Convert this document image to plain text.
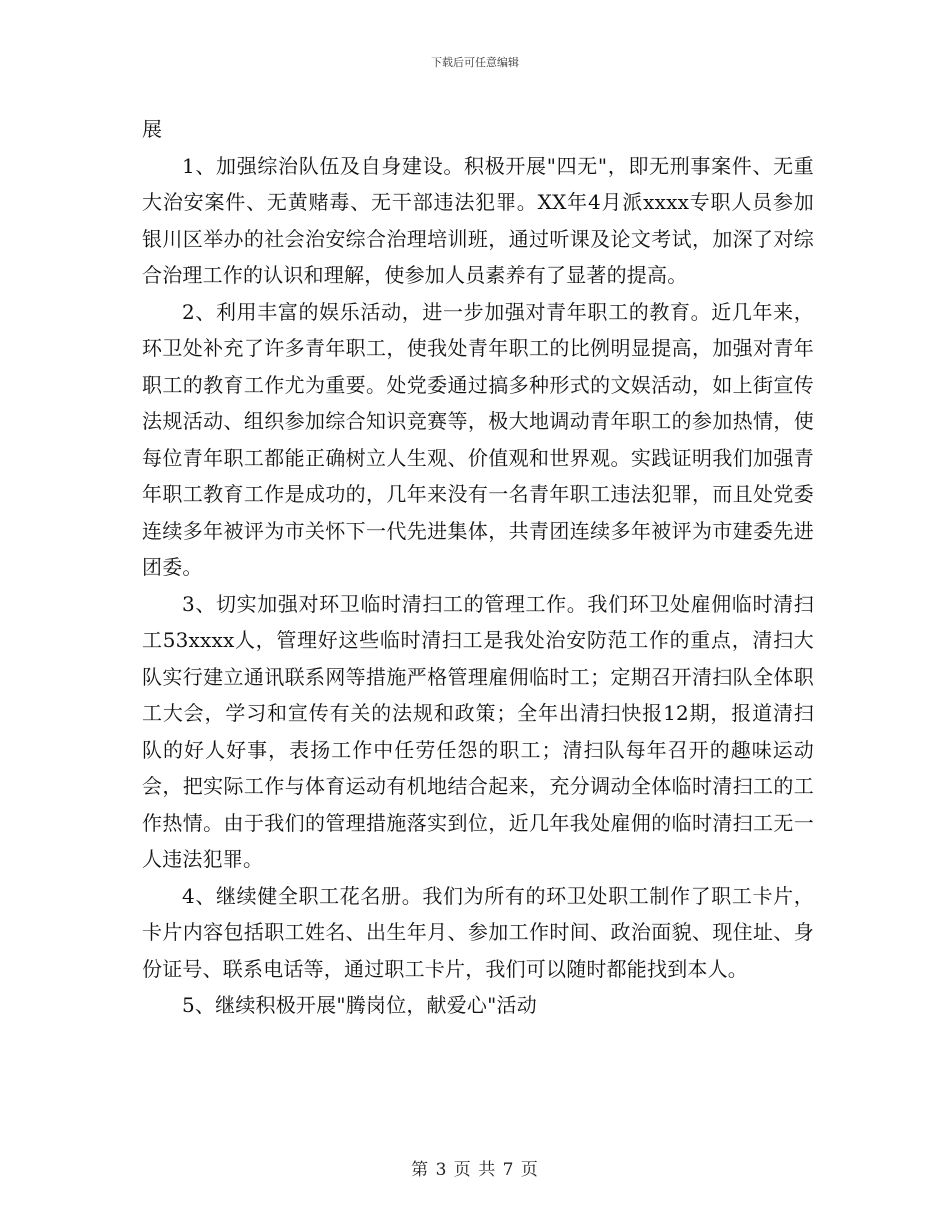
下载后可任意编辑

展

1、加强综治队伍及自身建设。积极开展"四无"，即无刑事案件、无重大治安案件、无黄赌毒、无干部违法犯罪。XX年4月派xxxx专职人员参加银川区举办的社会治安综合治理培训班，通过听课及论文考试，加深了对综合治理工作的认识和理解，使参加人员素养有了显著的提高。

2、利用丰富的娱乐活动，进一步加强对青年职工的教育。近几年来，环卫处补充了许多青年职工，使我处青年职工的比例明显提高，加强对青年职工的教育工作尤为重要。处党委通过搞多种形式的文娱活动，如上街宣传法规活动、组织参加综合知识竞赛等，极大地调动青年职工的参加热情，使每位青年职工都能正确树立人生观、价值观和世界观。实践证明我们加强青年职工教育工作是成功的，几年来没有一名青年职工违法犯罪，而且处党委连续多年被评为市关怀下一代先进集体，共青团连续多年被评为市建委先进团委。

3、切实加强对环卫临时清扫工的管理工作。我们环卫处雇佣临时清扫工53xxxx人，管理好这些临时清扫工是我处治安防范工作的重点，清扫大队实行建立通讯联系网等措施严格管理雇佣临时工；定期召开清扫队全体职工大会，学习和宣传有关的法规和政策；全年出清扫快报12期，报道清扫队的好人好事，表扬工作中任劳任怨的职工；清扫队每年召开的趣味运动会，把实际工作与体育运动有机地结合起来，充分调动全体临时清扫工的工作热情。由于我们的管理措施落实到位，近几年我处雇佣的临时清扫工无一人违法犯罪。

4、继续健全职工花名册。我们为所有的环卫处职工制作了职工卡片，卡片内容包括职工姓名、出生年月、参加工作时间、政治面貌、现住址、身份证号、联系电话等，通过职工卡片，我们可以随时都能找到本人。

5、继续积极开展"腾岗位，献爱心"活动

第 3 页 共 7 页
